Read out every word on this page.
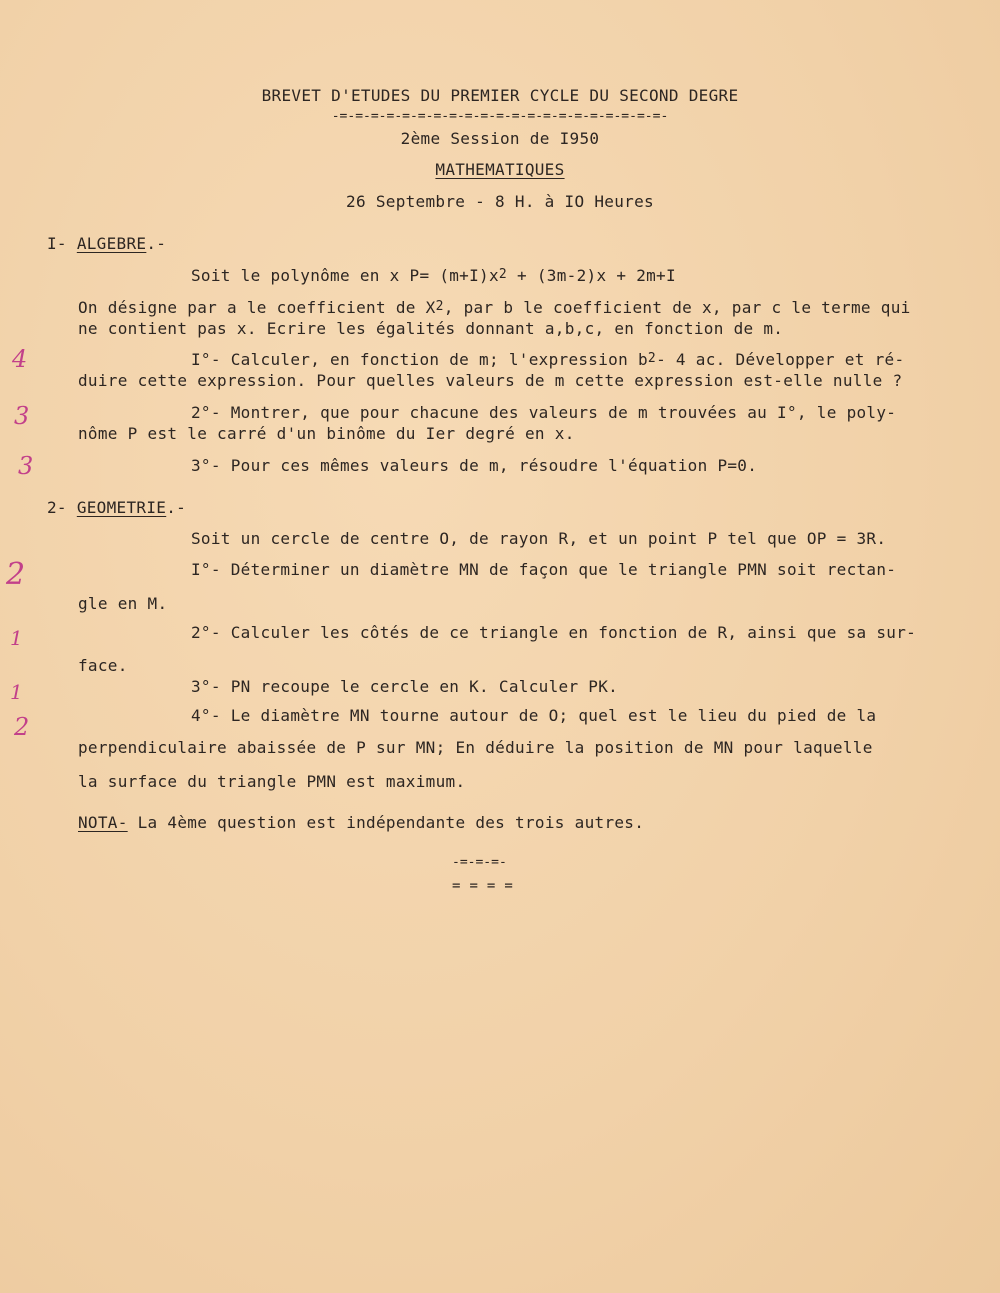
BREVET D'ETUDES DU PREMIER CYCLE DU SECOND DEGRE
-=-=-=-=-=-=-=-=-=-=-=-=-=-=-=-=-=-=-=-=-=-
2ème Session de I950
MATHEMATIQUES
26 Septembre - 8 H. à IO Heures
I- ALGEBRE.-
Soit le polynôme en x $P= (m+I)x^2 + (3m-2)x + 2m+I$
On désigne par a le coefficient de $X^2$, par b le coefficient de x, par c le terme qui
ne contient pas x. Ecrire les égalités donnant a,b,c, en fonction de m.
I°- Calculer, en fonction de m; l'expression $b^2-$ 4 ac. Développer et ré-
duire cette expression. Pour quelles valeurs de m cette expression est-elle nulle ?
2°- Montrer, que pour chacune des valeurs de m trouvées au I°, le poly-
nôme P est le carré d'un binôme du Ier degré en x.
3°- Pour ces mêmes valeurs de m, résoudre l'équation P=0.
2- GEOMETRIE.-
Soit un cercle de centre O, de rayon R, et un point P tel que OP = 3R.
I°- Déterminer un diamètre MN de façon que le triangle PMN soit rectan-
gle en M.
2°- Calculer les côtés de ce triangle en fonction de R, ainsi que sa sur-
face.
3°- PN recoupe le cercle en K. Calculer PK.
4°- Le diamètre MN tourne autour de O; quel est le lieu du pied de la
perpendiculaire abaissée de P sur MN; En déduire la position de MN pour laquelle
la surface du triangle PMN est maximum.
NOTA- La 4ème question est indépendante des trois autres.
-=-=-=-
= = = =
4
3
3
2
1
1
2
